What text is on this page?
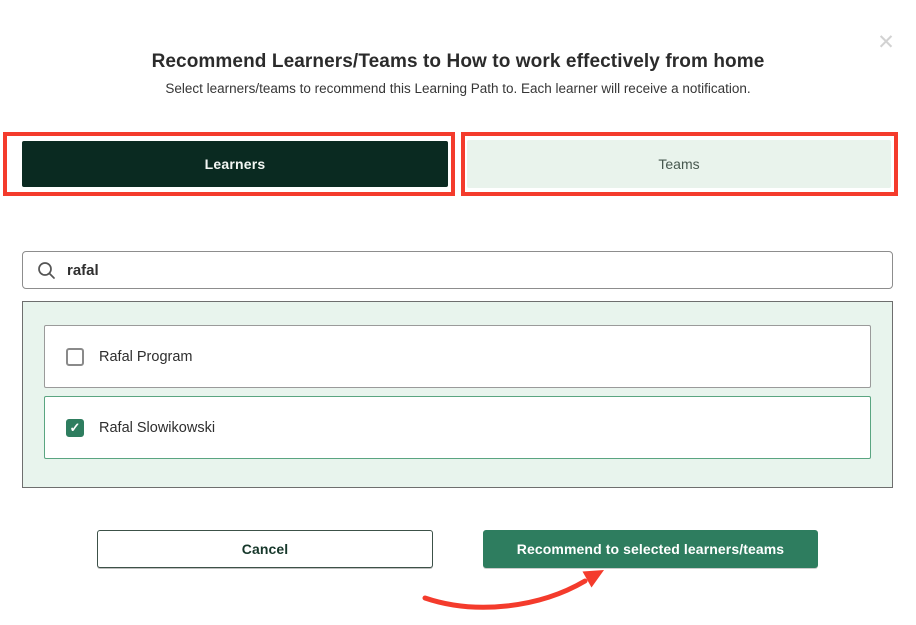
✕
Recommend Learners/Teams to How to work effectively from home
Select learners/teams to recommend this Learning Path to. Each learner will receive a notification.
Learners	Teams
rafal
Rafal Program
✓ Rafal Slowikowski
Cancel	Recommend to selected learners/teams
